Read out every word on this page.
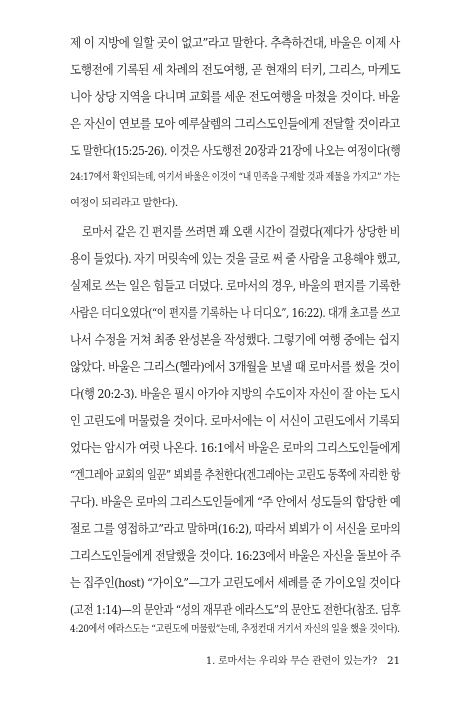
제 이 지방에 일할 곳이 없고”라고 말한다. 추측하건대, 바울은 이제 사
도행전에 기록된 세 차례의 전도여행, 곧 현재의 터키, 그리스, 마케도
니아 상당 지역을 다니며 교회를 세운 전도여행을 마쳤을 것이다. 바울
은 자신이 연보를 모아 예루살렘의 그리스도인들에게 전달할 것이라고
도 말한다(15:25-26). 이것은 사도행전 20장과 21장에 나오는 여정이다(행
24:17에서 확인되는데, 여기서 바울은 이것이 “내 민족을 구제할 것과 제물을 가지고” 가는
여정이 되리라고 말한다).
로마서 같은 긴 편지를 쓰려면 꽤 오랜 시간이 걸렸다(제다가 상당한 비
용이 들었다). 자기 머릿속에 있는 것을 글로 써 줄 사람을 고용해야 했고,
실제로 쓰는 일은 힘들고 더뎠다. 로마서의 경우, 바울의 편지를 기록한
사람은 더디오였다(“이 편지를 기록하는 나 더디오”, 16:22). 대개 초고를 쓰고
나서 수정을 거쳐 최종 완성본을 작성했다. 그렇기에 여행 중에는 쉽지
않았다. 바울은 그리스(헬라)에서 3개월을 보낼 때 로마서를 썼을 것이
다(행 20:2-3). 바울은 필시 아가야 지방의 수도이자 자신이 잘 아는 도시
인 고린도에 머물렀을 것이다. 로마서에는 이 서신이 고린도에서 기록되
었다는 암시가 여럿 나온다. 16:1에서 바울은 로마의 그리스도인들에게
“겐그레아 교회의 일꾼” 뵈뵈를 추천한다(겐그레아는 고린도 동쪽에 자리한 항
구다). 바울은 로마의 그리스도인들에게 “주 안에서 성도들의 합당한 예
절로 그를 영접하고”라고 말하며(16:2), 따라서 뵈뵈가 이 서신을 로마의
그리스도인들에게 전달했을 것이다. 16:23에서 바울은 자신을 돌보아 주
는 집주인(host) “가이오”—그가 고린도에서 세례를 준 가이오일 것이다
(고전 1:14)—의 문안과 “성의 재무관 에라스도”의 문안도 전한다(참조. 딤후
4:20에서 에라스도는 “고린도에 머물렀”는데, 추정컨대 거기서 자신의 일을 했을 것이다).
1. 로마서는 우리와 무슨 관련이 있는가? 21
